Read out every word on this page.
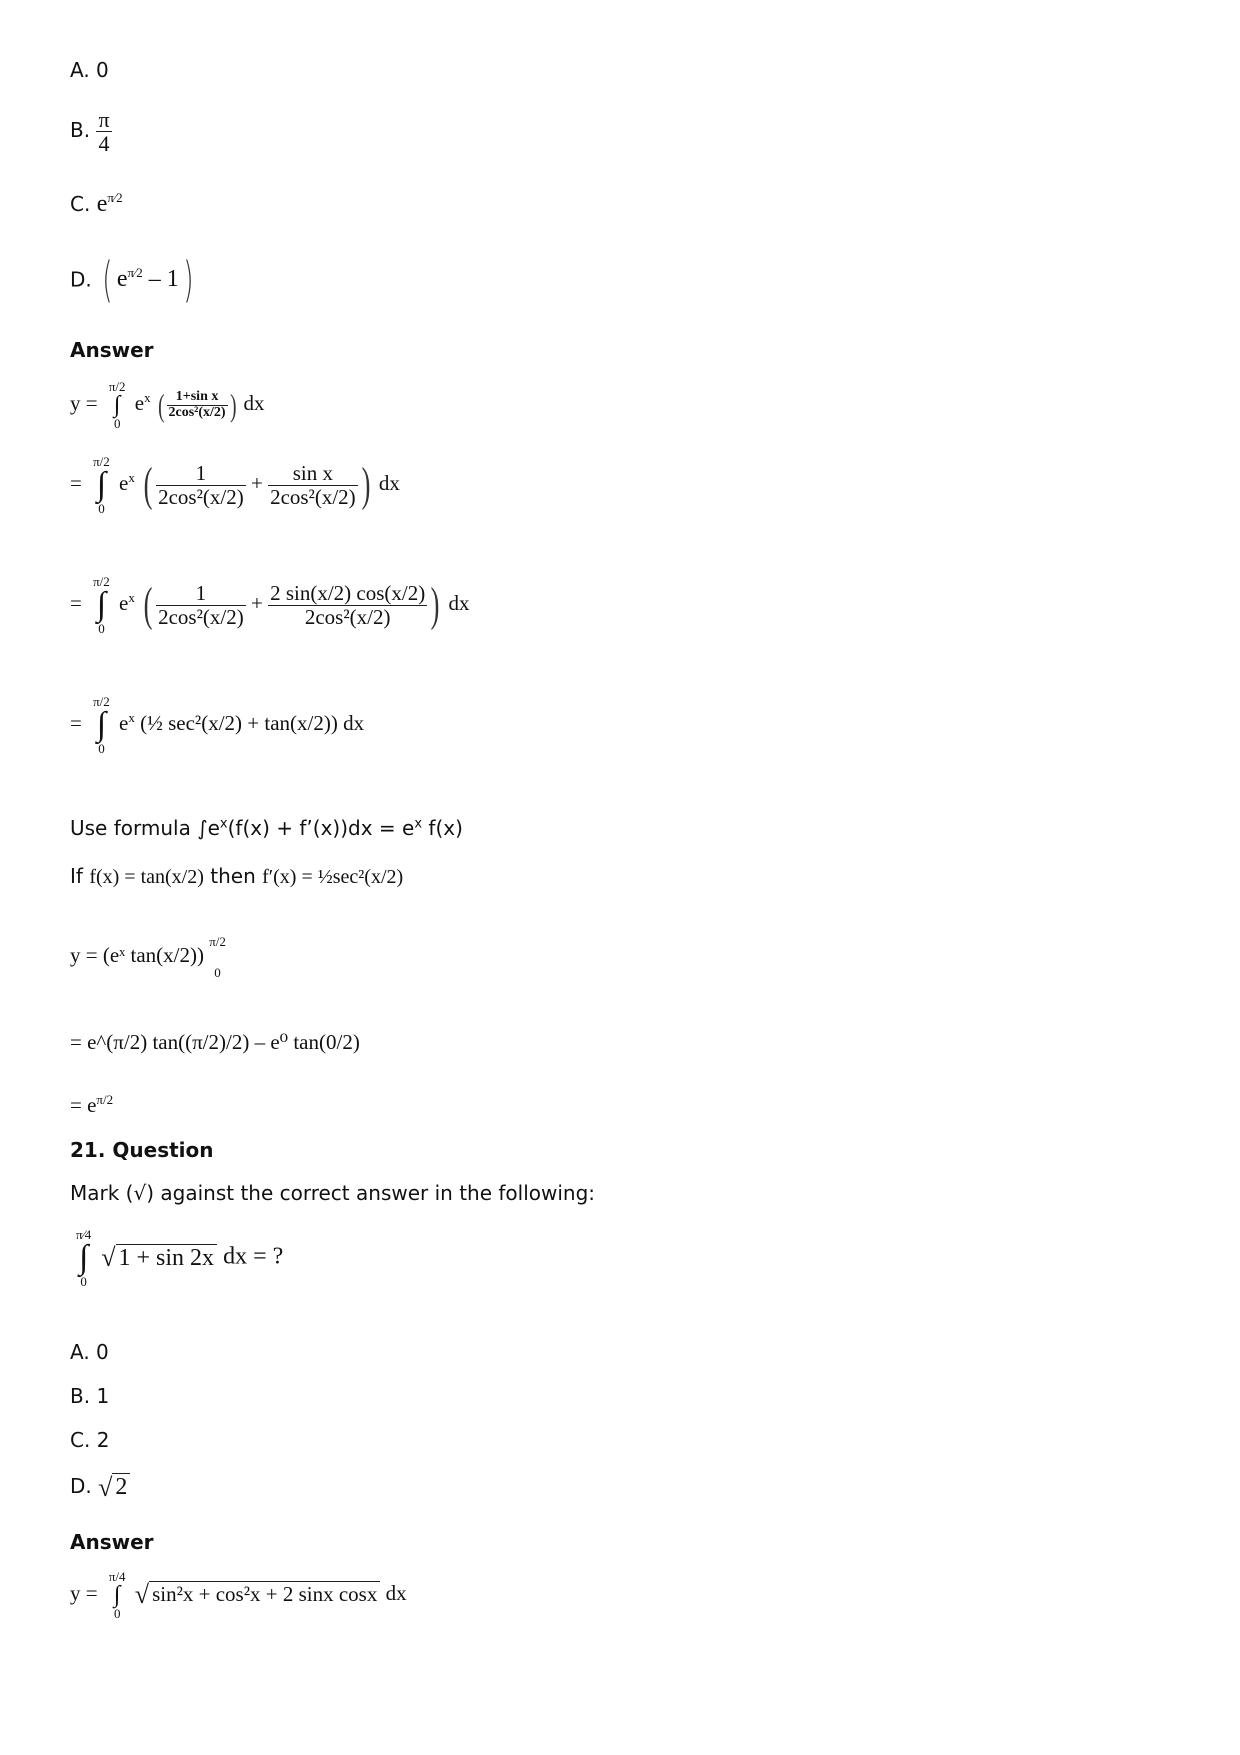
A. 0
B. $\frac{\pi}{4}$
C. $e^{\pi⁄2}$
D. ( $e^{\pi⁄2} - 1$)
Answer
y =
π/2
∫
0
$e^x$ ( $\frac{\text{1+sin x}}{\text{2cos²(x/2)}}$ ) dx
=
π/2
∫
0
$e^x$ ( $\frac{1}{\text{2cos²(x/2)}} + \frac{\text{sin x}}{\text{2cos²(x/2)}}$ ) dx
=
π/2
∫
0
$e^x$ ( $\frac{1}{\text{2cos²(x/2)}} + \frac{2 \sin(x/2) \cos(x/2)}{\text{2cos²(x/2)}}$ ) dx
=
π/2
∫
0
$e^x$ (½ sec²(x/2) + tan(x/2)) dx
Use formula $\int e^x(f(x)$ + f’(x))dx = $e^x$ f(x)
If f(x) = tan(x/2) then f′(x) = ½sec²(x/2)
y = (eˣ tan(x/2))
π/2

0
= e^(π/2) tan((π/2)/2) – e⁰ tan(0/2)
= $e^{\pi/2}$
21. Question
Mark (√) against the correct answer in the following:
π⁄4
∫
0
√ 1 + sin 2x dx = ?
A. 0
B. 1
C. 2
D. √ 2
Answer
y =
π/4
∫
0
√ sin²x + cos²x + 2 sinx cosx dx
